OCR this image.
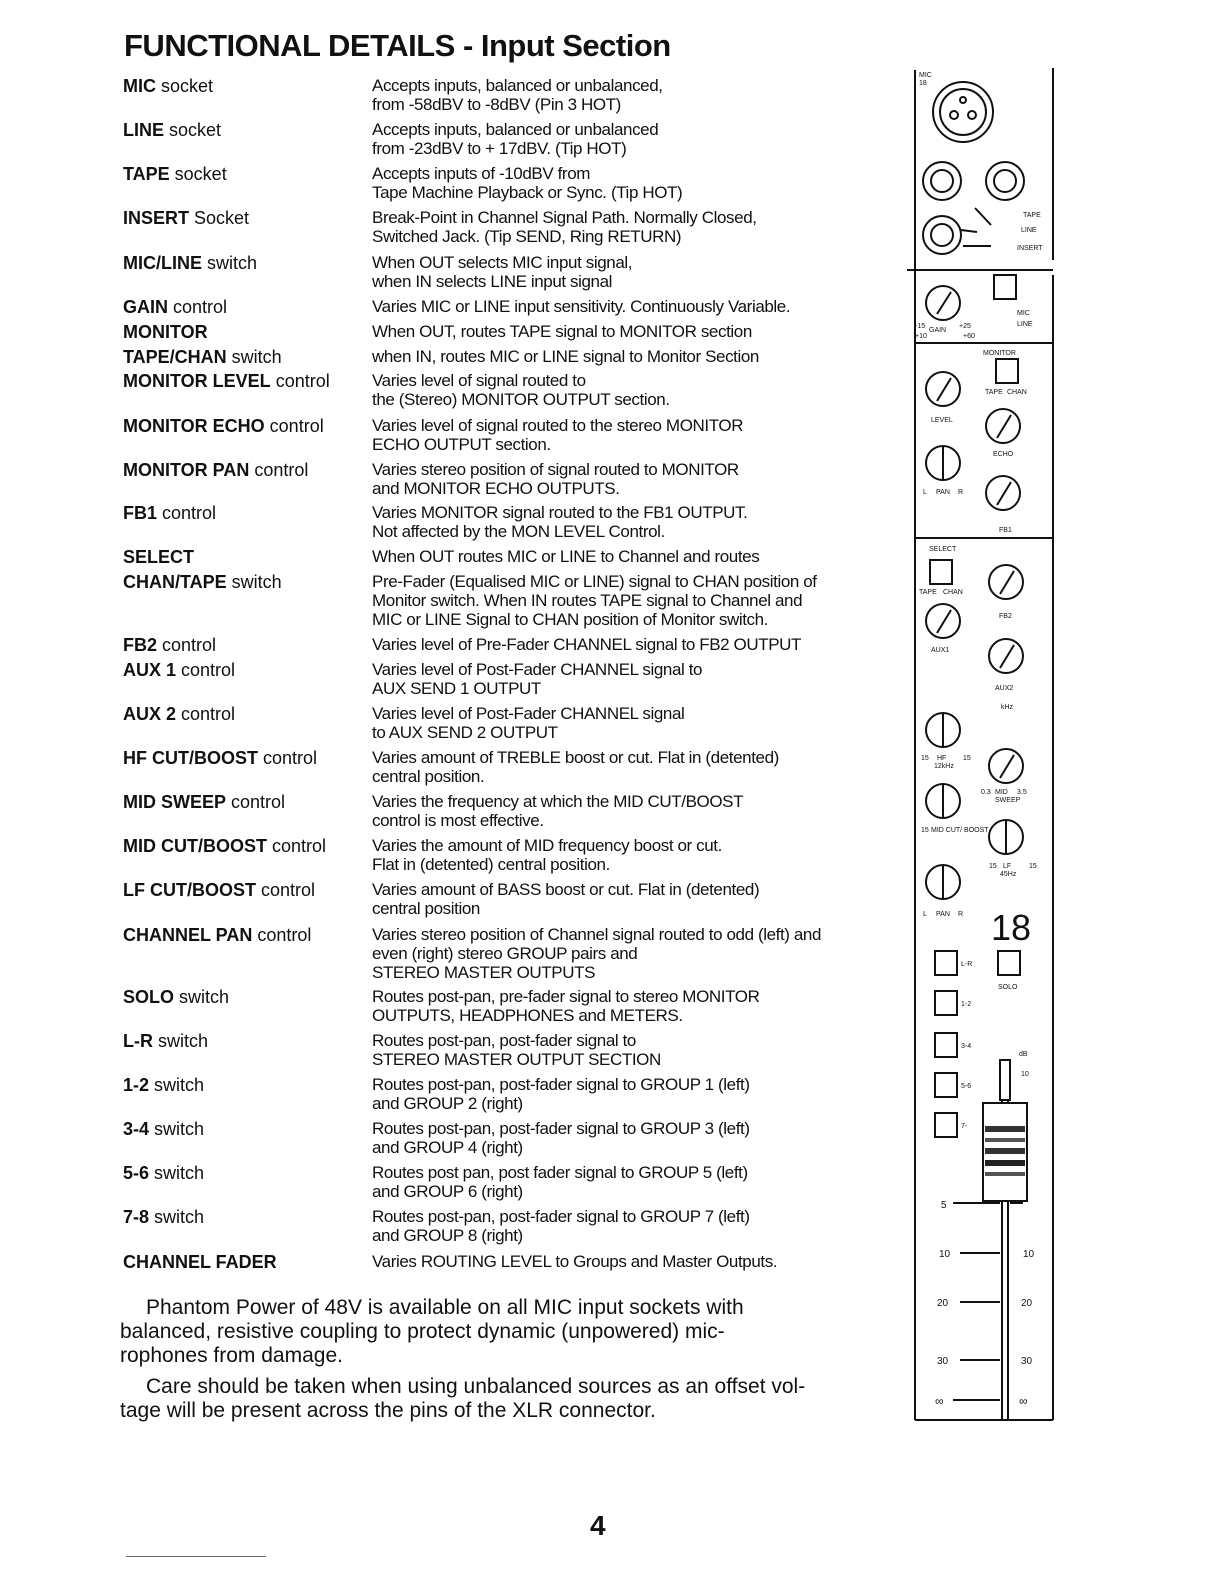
FUNCTIONAL DETAILS - Input Section
MIC socket	Accepts inputs, balanced or unbalanced,
from -58dBV to -8dBV (Pin 3 HOT)
LINE socket	Accepts inputs, balanced or unbalanced
from -23dBV to + 17dBV. (Tip HOT)
TAPE socket	Accepts inputs of -10dBV from
Tape Machine Playback or Sync. (Tip HOT)
INSERT Socket	Break-Point in Channel Signal Path. Normally Closed,
Switched Jack. (Tip SEND, Ring RETURN)
MIC/LINE switch	When OUT selects MIC input signal,
when IN selects LINE input signal
GAIN control	Varies MIC or LINE input sensitivity. Continuously Variable.
MONITOR	When OUT, routes TAPE signal to MONITOR section
TAPE/CHAN switch	when IN, routes MIC or LINE signal to Monitor Section
MONITOR LEVEL control Varies level of signal routed to
the (Stereo) MONITOR OUTPUT section.
MONITOR ECHO control	Varies level of signal routed to the stereo MONITOR
ECHO OUTPUT section.
MONITOR PAN control	Varies stereo position of signal routed to MONITOR
and MONITOR ECHO OUTPUTS.
FB1 control	Varies MONITOR signal routed to the FB1 OUTPUT.
Not affected by the MON LEVEL Control.
SELECT	When OUT routes MIC or LINE to Channel and routes
CHAN/TAPE switch	Pre-Fader (Equalised MIC or LINE) signal to CHAN position of
Monitor switch. When IN routes TAPE signal to Channel and
MIC or LINE Signal to CHAN position of Monitor switch.
FB2 control	Varies level of Pre-Fader CHANNEL signal to FB2 OUTPUT
AUX 1 control	Varies level of Post-Fader CHANNEL signal to
AUX SEND 1 OUTPUT
AUX 2 control	Varies level of Post-Fader CHANNEL signal
to AUX SEND 2 OUTPUT
HF CUT/BOOST control	Varies amount of TREBLE boost or cut. Flat in (detented)
central position.
MID SWEEP control	Varies the frequency at which the MID CUT/BOOST
control is most effective.
MID CUT/BOOST control	Varies the amount of MID frequency boost or cut.
Flat in (detented) central position.
LF CUT/BOOST control	Varies amount of BASS boost or cut. Flat in (detented)
central position
CHANNEL PAN control	Varies stereo position of Channel signal routed to odd (left) and
even (right) stereo GROUP pairs and
STEREO MASTER OUTPUTS
SOLO switch	Routes post-pan, pre-fader signal to stereo MONITOR
OUTPUTS, HEADPHONES and METERS.
L-R switch	Routes post-pan, post-fader signal to
STEREO MASTER OUTPUT SECTION
1-2 switch	Routes post-pan, post-fader signal to GROUP 1 (left)
and GROUP 2 (right)
3-4 switch	Routes post-pan, post-fader signal to GROUP 3 (left)
and GROUP 4 (right)
5-6 switch	Routes post pan, post fader signal to GROUP 5 (left)
and GROUP 6 (right)
7-8 switch	Routes post-pan, post-fader signal to GROUP 7 (left)
and GROUP 8 (right)
CHANNEL FADER	Varies ROUTING LEVEL to Groups and Master Outputs.
Phantom Power of 48V is available on all MIC input sockets with
balanced, resistive coupling to protect dynamic (unpowered) mic-
rophones from damage.
Care should be taken when using unbalanced sources as an offset vol-
tage will be present across the pins of the XLR connector.
4
MIC
18
TAPE
LINE
INSERT
GAIN
-15
+10
+25
+60
MIC
LINE
MONITOR
TAPE CHAN
LEVEL
ECHO
L PAN R
FB1
SELECT
TAPE CHAN
FB2
AUX1
AUX2
kHz
15 HF
12kHz
15
0.3 MID 3.5
SWEEP
15 MID CUT/ BOOST
15 LF
45Hz
15
L PAN R
L-R
SOLO
1-2
3-4
5-6
7-
dB
10
5
10	10
20	20
30	30
∞	∞
18
